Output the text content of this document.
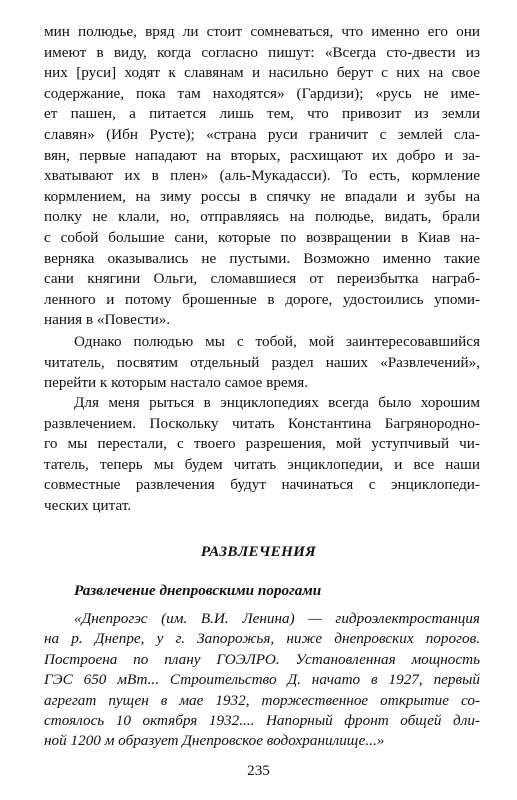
мин полюдье, вряд ли стоит сомневаться, что именно его они
имеют в виду, когда согласно пишут: «Всегда сто-двести из
них [руси] ходят к славянам и насильно берут с них на свое
содержание, пока там находятся» (Гардизи); «русь не име-
ет пашен, а питается лишь тем, что привозит из земли
славян» (Ибн Русте); «страна руси граничит с землей сла-
вян, первые нападают на вторых, расхищают их добро и за-
хватывают их в плен» (аль-Мукадасси). То есть, кормление
кормлением, на зиму россы в спячку не впадали и зубы на
полку не клали, но, отправляясь на полюдье, видать, брали
с собой большие сани, которые по возвращении в Киав на-
верняка оказывались не пустыми. Возможно именно такие
сани княгини Ольги, сломавшиеся от переизбытка награб-
ленного и потому брошенные в дороге, удостоились упоми-
нания в «Повести».
Однако полюдью мы с тобой, мой заинтересовавшийся
читатель, посвятим отдельный раздел наших «Развлечений»,
перейти к которым настало самое время.
Для меня рыться в энциклопедиях всегда было хорошим
развлечением. Поскольку читать Константина Багрянородно-
го мы перестали, с твоего разрешения, мой уступчивый чи-
татель, теперь мы будем читать энциклопедии, и все наши
совместные развлечения будут начинаться с энциклопеди-
ческих цитат.
РАЗВЛЕЧЕНИЯ
Развлечение днепровскими порогами
«Днепрогэс (им. В.И. Ленина) — гидроэлектростанция
на р. Днепре, у г. Запорожья, ниже днепровских порогов.
Построена по плану ГОЭЛРО. Установленная мощность
ГЭС 650 мВт... Строительство Д. начато в 1927, первый
агрегат пущен в мае 1932, торжественное открытие со-
стоялось 10 октября 1932.... Напорный фронт общей дли-
ной 1200 м образует Днепровское водохранилище...»
235
